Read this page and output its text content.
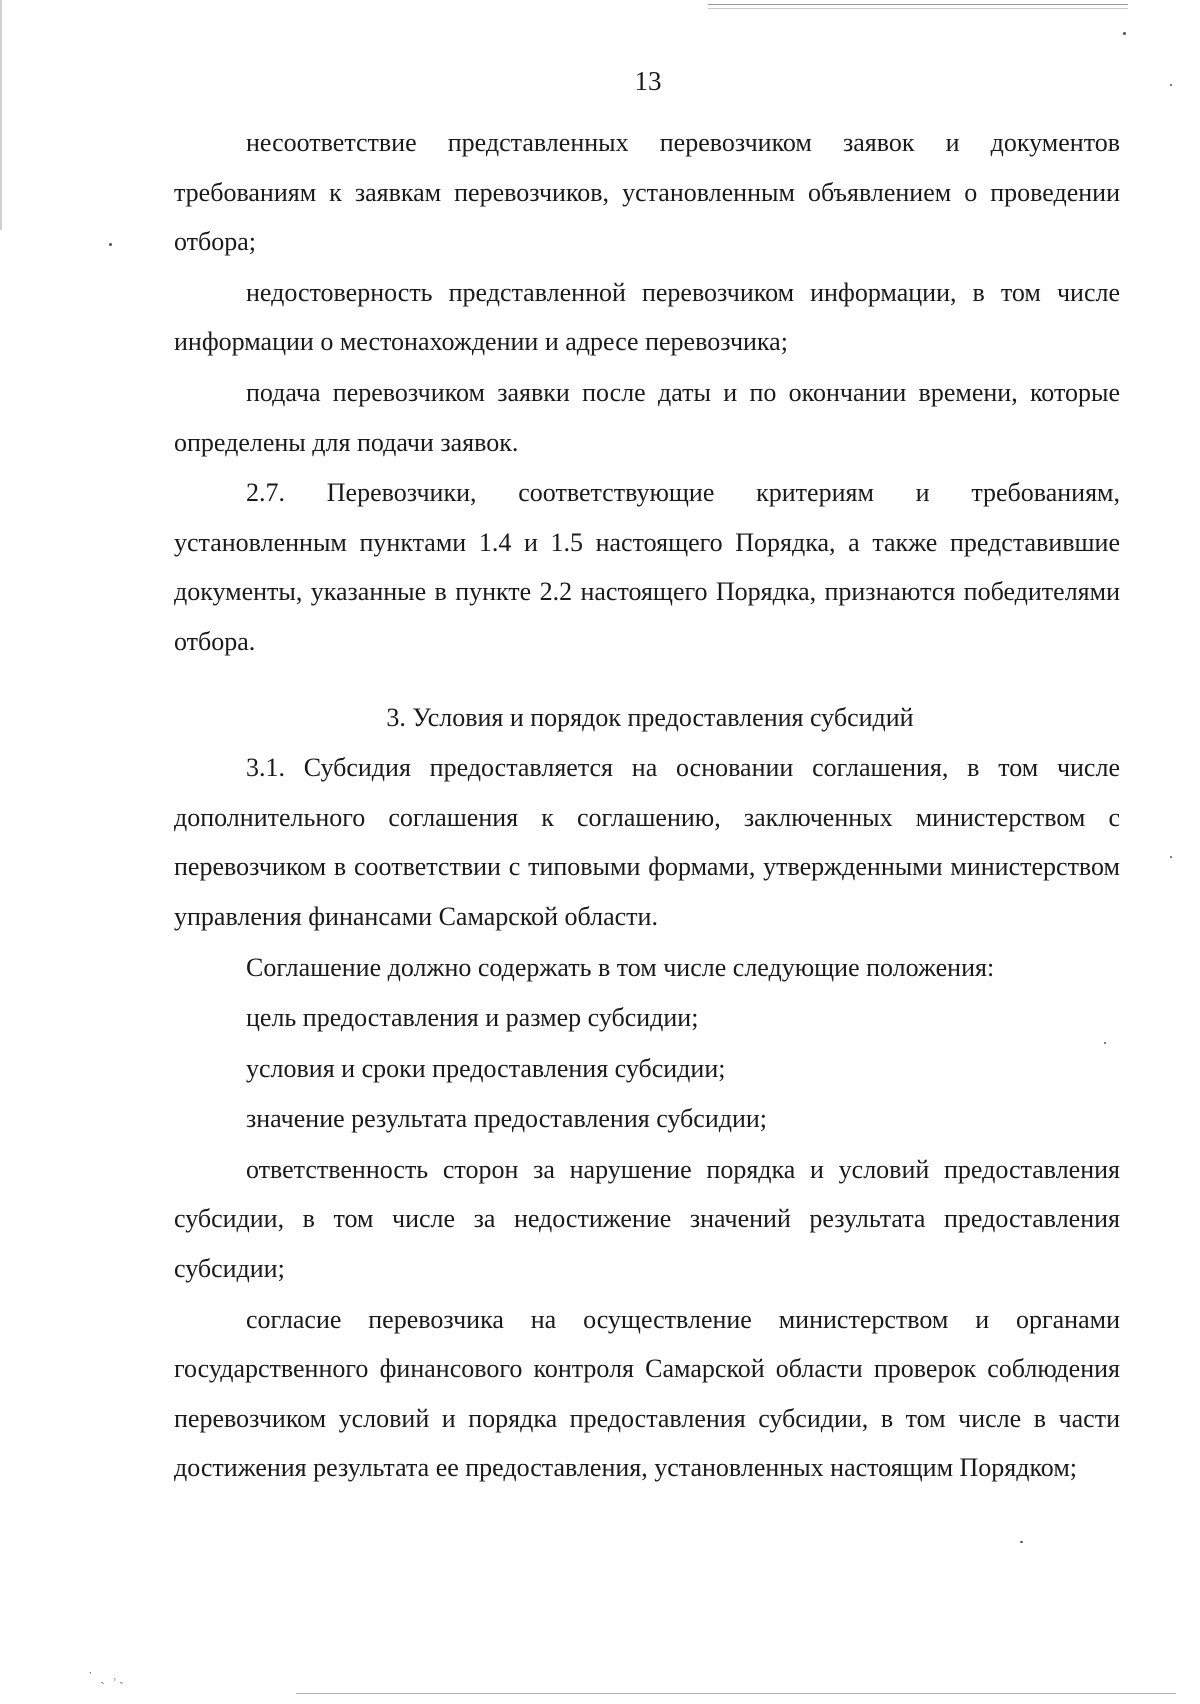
13

несоответствие представленных перевозчиком заявок и документов требованиям к заявкам перевозчиков, установленным объявлением о проведении отбора;

недостоверность представленной перевозчиком информации, в том числе информации о местонахождении и адресе перевозчика;

подача перевозчиком заявки после даты и по окончании времени, которые определены для подачи заявок.

2.7. Перевозчики, соответствующие критериям и требованиям, установленным пунктами 1.4 и 1.5 настоящего Порядка, а также представившие документы, указанные в пункте 2.2 настоящего Порядка, признаются победителями отбора.

3. Условия и порядок предоставления субсидий

3.1. Субсидия предоставляется на основании соглашения, в том числе дополнительного соглашения к соглашению, заключенных министерством с перевозчиком в соответствии с типовыми формами, утвержденными министерством управления финансами Самарской области.

Соглашение должно содержать в том числе следующие положения:

цель предоставления и размер субсидии;

условия и сроки предоставления субсидии;

значение результата предоставления субсидии;

ответственность сторон за нарушение порядка и условий предоставления субсидии, в том числе за недостижение значений результата предоставления субсидии;

согласие перевозчика на осуществление министерством и органами государственного финансового контроля Самарской области проверок соблюдения перевозчиком условий и порядка предоставления субсидии, в том числе в части достижения результата ее предоставления, установленных настоящим Порядком;

˙ ˎ ˒ˏ
